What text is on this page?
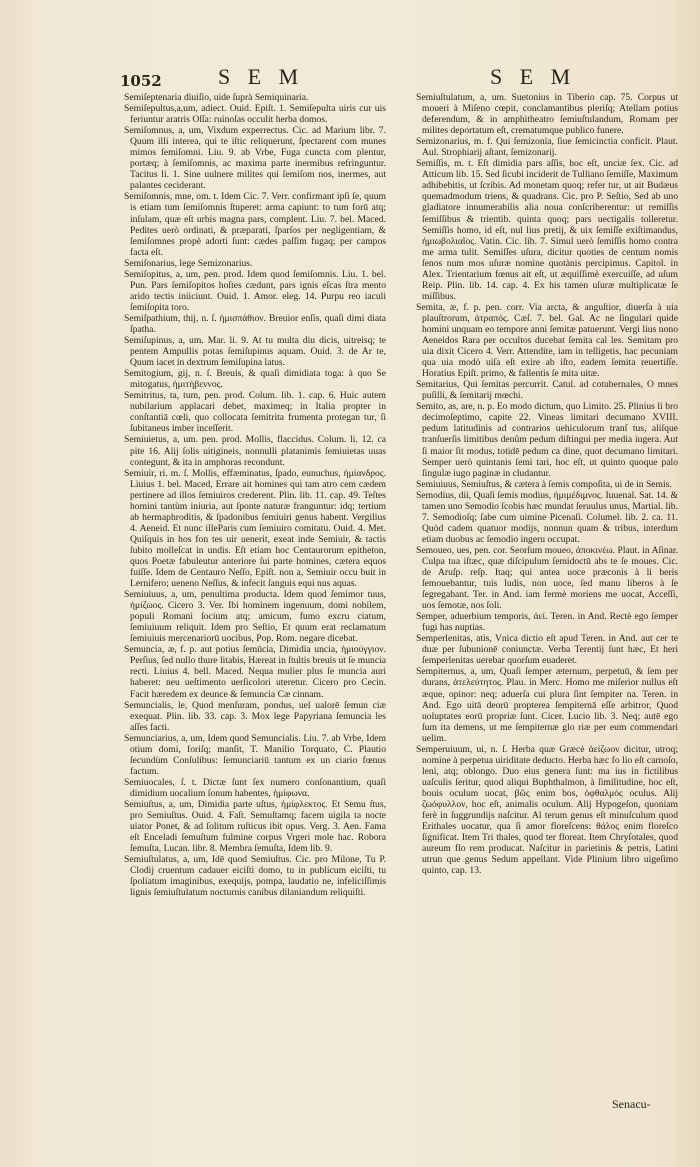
1052	S E M	S E M

Semiſeptenaria diuiſio, uide ſuprà Semiquinaria.

Semiſepultus,a,um, adiect. Ouid. Epiſt. 1. Semiſepulta uiris cur uis feriuntur aratris Oſſa: ruinoſas occulit herba domos.

Semiſomnus, a, um, Vixdum experrectus. Cic. ad Marium libr. 7. Quum illi interea, qui te iſtic reliquerunt, ſpectarent com munes mimos ſemiſomni. Liu. 9. ab Vrbe, Fuga cuncta com plentur, portæq; à ſemiſomnis, ac maxima parte inermibus refringuntur. Tacitus li. 1. Sine uulnere milites qui ſemiſom nos, inermes, aut palantes ceciderant.

Semiſomnis, mne, om. t. Idem Cic. 7. Verr. confirmant ipſi ſe, quum is etiam tum ſemiſomnis ſtuperet: arma capiunt: to tum forū atq; inſulam, quæ eſt urbis magna pars, complent. Liu. 7. bel. Maced. Pedites uerò ordinati, & præparati, ſparſos per negligentiam, & ſemiſomnes propè adorti ſunt: cædes paſſim fugaq; per campos facta eſt.

Semiſonarius, lege Semizonarius.

Semiſopitus, a, um, pen. prod. Idem quod ſemiſomnis. Liu. 1. bel. Pun. Pars ſemiſopitos hoſtes cædunt, pars ignis eſcas ſtra mento arido tectis iniiciunt. Ouid. 1. Amor. eleg. 14. Purpu reo iaculi ſemiſopita toro.

Semiſpathium, thij, n. ſ. ἡμισπάθιον. Breuior enſis, quaſi dimi diata ſpatha.

Semiſupinus, a, um. Mar. li. 9. At tu multa diu dicis, uitreisq; te pentem Ampullis potas ſemiſupinus aquam. Ouid. 3. de Ar te, Quum iacet in dextrum ſemiſupina latus.

Semitogium, gij, n. ſ. Breuis, & quaſi dimidiata toga: à quo Se mitogatus, ἡμιτήβεννος.

Semitritus, ta, tum, pen. prod. Colum. lib. 1. cap. 6. Huic autem nubilarium applacari debet, maximeq; in Italia propter in conſtantiā cœli, quo collocata ſemitrita frumenta protegan tur, ſi ſubitaneus imber inceſſerit.

Semiuietus, a, um. pen. prod. Mollis, flaccidus. Colum. li. 12. ca pite 16. Alij ſolis uitigineis, nonnulli platanimis ſemiuietas uuas contegunt, & ita in amphoras recondunt.

Semiuir, ri. m. ſ. Mollis, effæminatus, ſpado, eunuchus, ἡμίανδρος. Liuius 1. bel. Maced, Errare ait homines qui tam atro cem cædem pertinere ad illos ſemiuiros crederent. Plin. lib. 11. cap. 49. Teſtes homini tantùm iniuria, aut ſponte naturæ franguntur: idq; tertium ab hermaphroditis, & ſpadonibus ſemiuiri genus habent. Vergilius 4. Aeneid. Et nunc illeParis cum ſemiuiro comitatu. Ouid. 4. Met. Quiſquis in hos fon tes uir uenerit, exeat inde Semiuir, & tactis ſubito molleſcat in undis. Eſt etiam hoc Centaurorum epitheton, quos Poetæ fabuleutur anteriore ſui parte homines, cætera equos fuiſſe. Idem de Centauro Neſſo, Epiſt. non a, Semiuir occu buit in Lernifero; ueneno Neſſus, & infecit ſanguis equi nus aquas.

Semiuiuus, a, um, penultima producta. Idem quod ſemimor tuus, ἡμίζωος. Cicero 3. Ver. Ibi hominem ingenuum, domi nobilem, populi Romani ſocium atq; amicum, fumo excru ciatum, ſemiuiuum reliquit. Idem pro Seſtio, Et quum erat reclamatum ſemiuiuis mercenariorū uocibus, Pop. Rom. negare dicebat.

Semuncia, æ, f. p. aut potius ſemūcia, Dimidia uncia, ἡμιούγγιον. Perſius, ſed nullo thure litabis, Hæreat in ſtultis breuis ut ſe muncia recti. Liuius 4. bell. Maced. Nequa mulier plus ſe muncia auri haberet: neu ueſtimento uerſicolori uteretur. Cicero pro Cecin. Facit hæredem ex deunce & ſemuncia Cæ cinnam.

Semuncialis, le, Quod menſuram, pondus, uel ualorē ſemun ciæ exequat. Plin. lib. 33. cap. 3. Mox lege Papyriana ſemuncia les aſſes facti.

Semunciarius, a, um, Idem quod Semuncialis. Liu. 7. ab Vrbe, Idem otium domi, foriſq; manſit, T. Manilio Torquato, C. Plautio ſecundùm Conſulibus: ſemunciariū tantum ex un ciario fœnus factum.

Semiuocales, ſ. t. Dictæ ſunt ſex numero conſonantium, quaſi dimidium uocalium ſonum habentes, ἡμίφωνα.

Semiuſtus, a, um, Dimidia parte uſtus, ἡμίφλεκτος. Et Semu ſtus, pro Semiuſtus. Ouid. 4. Faſt. Semuſtamq; facem uigila ta nocte uiator Ponet, & ad ſolitum ruſticus ibit opus. Verg. 3. Aen. Fama eſt Enceladi ſemuſtum fulmine corpus Vrgeri mole hac. Robora ſemuſta, Lucan. libr. 8. Membra ſemuſta, Idem lib. 9.

Semiuſtulatus, a, um, Idē quod Semiuſtus. Cic. pro Milone, Tu P. Clodij cruentum cadauer eiciſti domo, tu in publicum eiciſti, tu ſpoliatum imaginibus, exequijs, pompa, laudatio ne, infeliciſſimis lignis ſemiuſtulatum nocturnis canibus dilaniandum reliquiſti.

Semiuſtulatum, a, um. Suetonius in Tiberio cap. 75. Corpus ut moueri à Miſeno cœpit, conclamantibus pleriſq; Atellam potius deferendum, & in amphitheatro ſemiuſtulandum, Romam per milites deportatum eſt, crematumque publico funere.

Semizonarius, m. f. Qui ſemizonia, ſiue ſemicinctia conficit. Plaut. Aul. Strophiarij aſtant, ſemizonarij.

Semiſſis, m. t. Eſt dimidia pars aſſis, hoc eſt, unciæ ſex. Cic. ad Atticum lib. 15. Sed ſicubi inciderit de Tulliano ſemiſſe, Maximum adhibebitis, ut ſcribis. Ad monetam quoq; refer tur, ut ait Budæus quemadmodum triens, & quadrans. Cic. pro P. Seſtio, Sed ab uno gladiatore innumerabilis alia noua conſcriberentur: ut remiſſis ſemiſſibus & trientib. quinta quoq; pars uectigalis tolleretur. Semiſſis homo, id eſt, nul lius pretij, & uix ſemiſſe exiſtimandus, ἡμιωβολιαῖος. Vatin. Cic. lib. 7. Simul uerò ſemiſſis homo contra me arma tulit. Semiſſes uſura, dicitur quoties de centum nomis ſenos num mos uſuræ nomine quotànis percipimus. Capitol. in Alex. Trientarium fœnus ait eſt, ut æquiſſimè exercuiſſe, ad uſum Reip. Plin. lib. 14. cap. 4. Ex his tamen uſuræ multiplicatæ ſe miſſibus.

Semita, æ, f. p. pen. corr. Via arcta, & anguſtior, diuerſa à uia plauſtrorum, ἀτραπός. Cæſ. 7. bel. Gal. Ac ne ſingulari quide homini unquam eo tempore anni ſemitæ patuerunt. Vergi lius nono Aeneidos Rara per occultos ducebat ſemita cal les. Semitam pro uia dixit Cicero 4. Verr. Attendite, iam in telligetis, hac pecuniam qua uia modò uiſa eſt exire ab iſto, eadem ſemita reuertiſſe. Horatius Epiſt. primo, & fallentis ſe mita uitæ.

Semitarius, Qui ſemitas percurrit. Catul. ad cotubernales, O mnes puſilli, & ſemitarij mœchi.

Semito, as, are, n. p. Eo modo dictum, quo Limito. 25. Plinius li bro decimoſeptimo, capite 22. Vineas limitari decumano XVIII. pedum latitudinis ad contrarios uehiculorum tranſ tus, aliſque tranſuerſis limitibus denûm pedum diſtingui per media iugera. Aut ſi maior ſit modus, totidē pedum ca dine, quot decumano limitari. Semper uerò quintanis ſemi tari, hoc eſt, ut quinto quoque palo ſingulæ iugo paginæ in cludantur.

Semiuiuus, Semiuſtus, & cætera à ſemis compoſita, ui de in Semis.

Semodius, dii, Quaſi ſemis modius, ἡμιμέδιμνος. Iuuenal. Sat. 14. & tamen uno Semodio ſcobis hæc mundat ſeruulus unus, Martial. lib. 7. Semodioſq; ſabe cum uimine Picenaſi. Columel. lib. 2. ca. 11. Quòd cadem quatuor modijs, nonnun quam & tribus, interdum etiam duobus ac ſemodio ingeru occupat.

Semoueo, ues, pen. cor. Seorſum moueo, ἀποκινέω. Plaut. in Aſinar. Culpa tua iſtæc, quæ diſcipulum ſemidoctū abs te ſe moues. Cic. de Aruſp. reſp. Itaq; qui antea uoce præconis à li beris ſemouebantur, tuis ludis, non uoce, ſed manu liberos à ſe ſegregabant. Ter. in And. iam fermè moriens me uocat, Acceſſi, uos ſemotæ, nos ſoli.

Semper, aduerbium temporis, ἀεί. Teren. in And. Rectè ego ſemper fugi has nuptias.

Semperlenitas, atis, Vnica dictio eſt apud Teren. in And. aut cer te duæ per ſubunionē coniunctæ. Verba Terentij ſunt hæc, Et heri ſemperlenitas uerebar quorſum euaderet.

Sempiternus, a, um, Quaſi ſemper æternum, perpetuū, & ſem per durans, ἀτελεύτητος. Plau. in Merc. Homo me miſerior nullus eſt æque, opinor: neq; aduerſa cui plura ſint ſempiter na. Teren. in And. Ego uitā deorū propterea ſempiternā eſſe arbitror, Quod uoluptates eorū propriæ ſunt. Cicer. Lucio lib. 3. Neq; autē ego ſum ita demens, ut me ſempiternæ glo riæ per eum commendari uelim.

Semperuiuum, ui, n. ſ. Herba quæ Græcè ἀείζωον dicitur, utroq; nomine à perpetua uiriditate deducto. Herba hæc fo lio eſt carnoſo, leni, atq; oblongo. Duo eius genera ſunt: ma ius in fictilibus uaſculis ſeritur, quod aliqui Buphthalmon, à ſimilitudine, hoc eſt, bouis oculum uocat, βῶς enim bos, ὀφθαλμός oculus. Alij ζωόφυλλον, hoc eſt, animalis oculum. Alij Hypogeſon, quoniam ferè in ſuggrundijs naſcitur. Al terum genus eſt minuſculum quod Erithales uocatur, qua ſi amor floreſcens: θάλος enim floreſco ſignificat. Item Tri thales, quod ter floreat. Item Chryſotales, quod aureum flo rem producat. Naſcitur in parietinis & petris, Latini utrun que genus Sedum appellant. Vide Plinium libro uigeſimo quinto, cap. 13.

Senacu-
